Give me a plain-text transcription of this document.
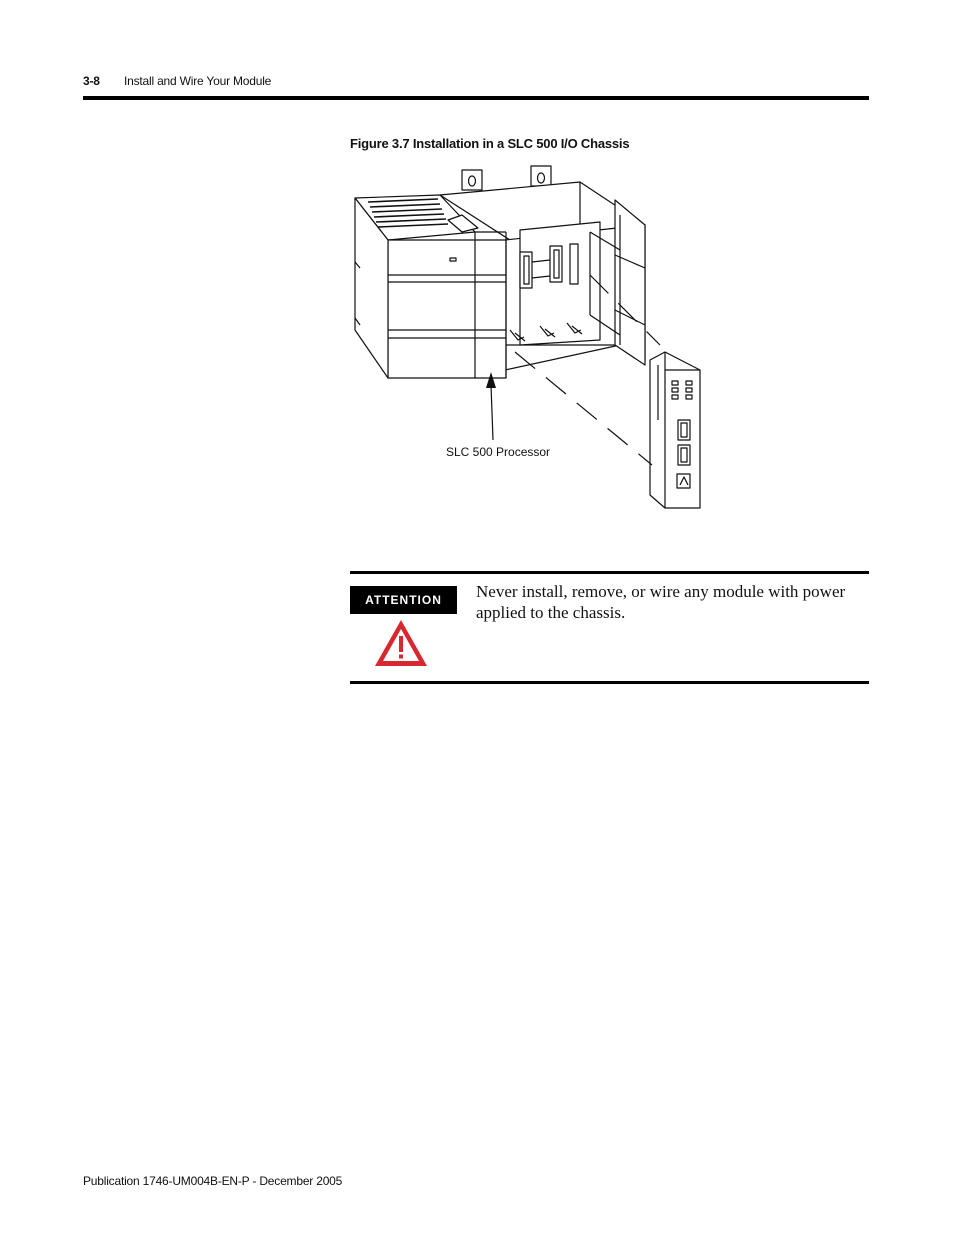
3-8 Install and Wire Your Module
Figure 3.7 Installation in a SLC 500 I/O Chassis
SLC 500 Processor
ATTENTION	Never install, remove, or wire any module with power applied to the chassis.
Publication 1746-UM004B-EN-P - December 2005
